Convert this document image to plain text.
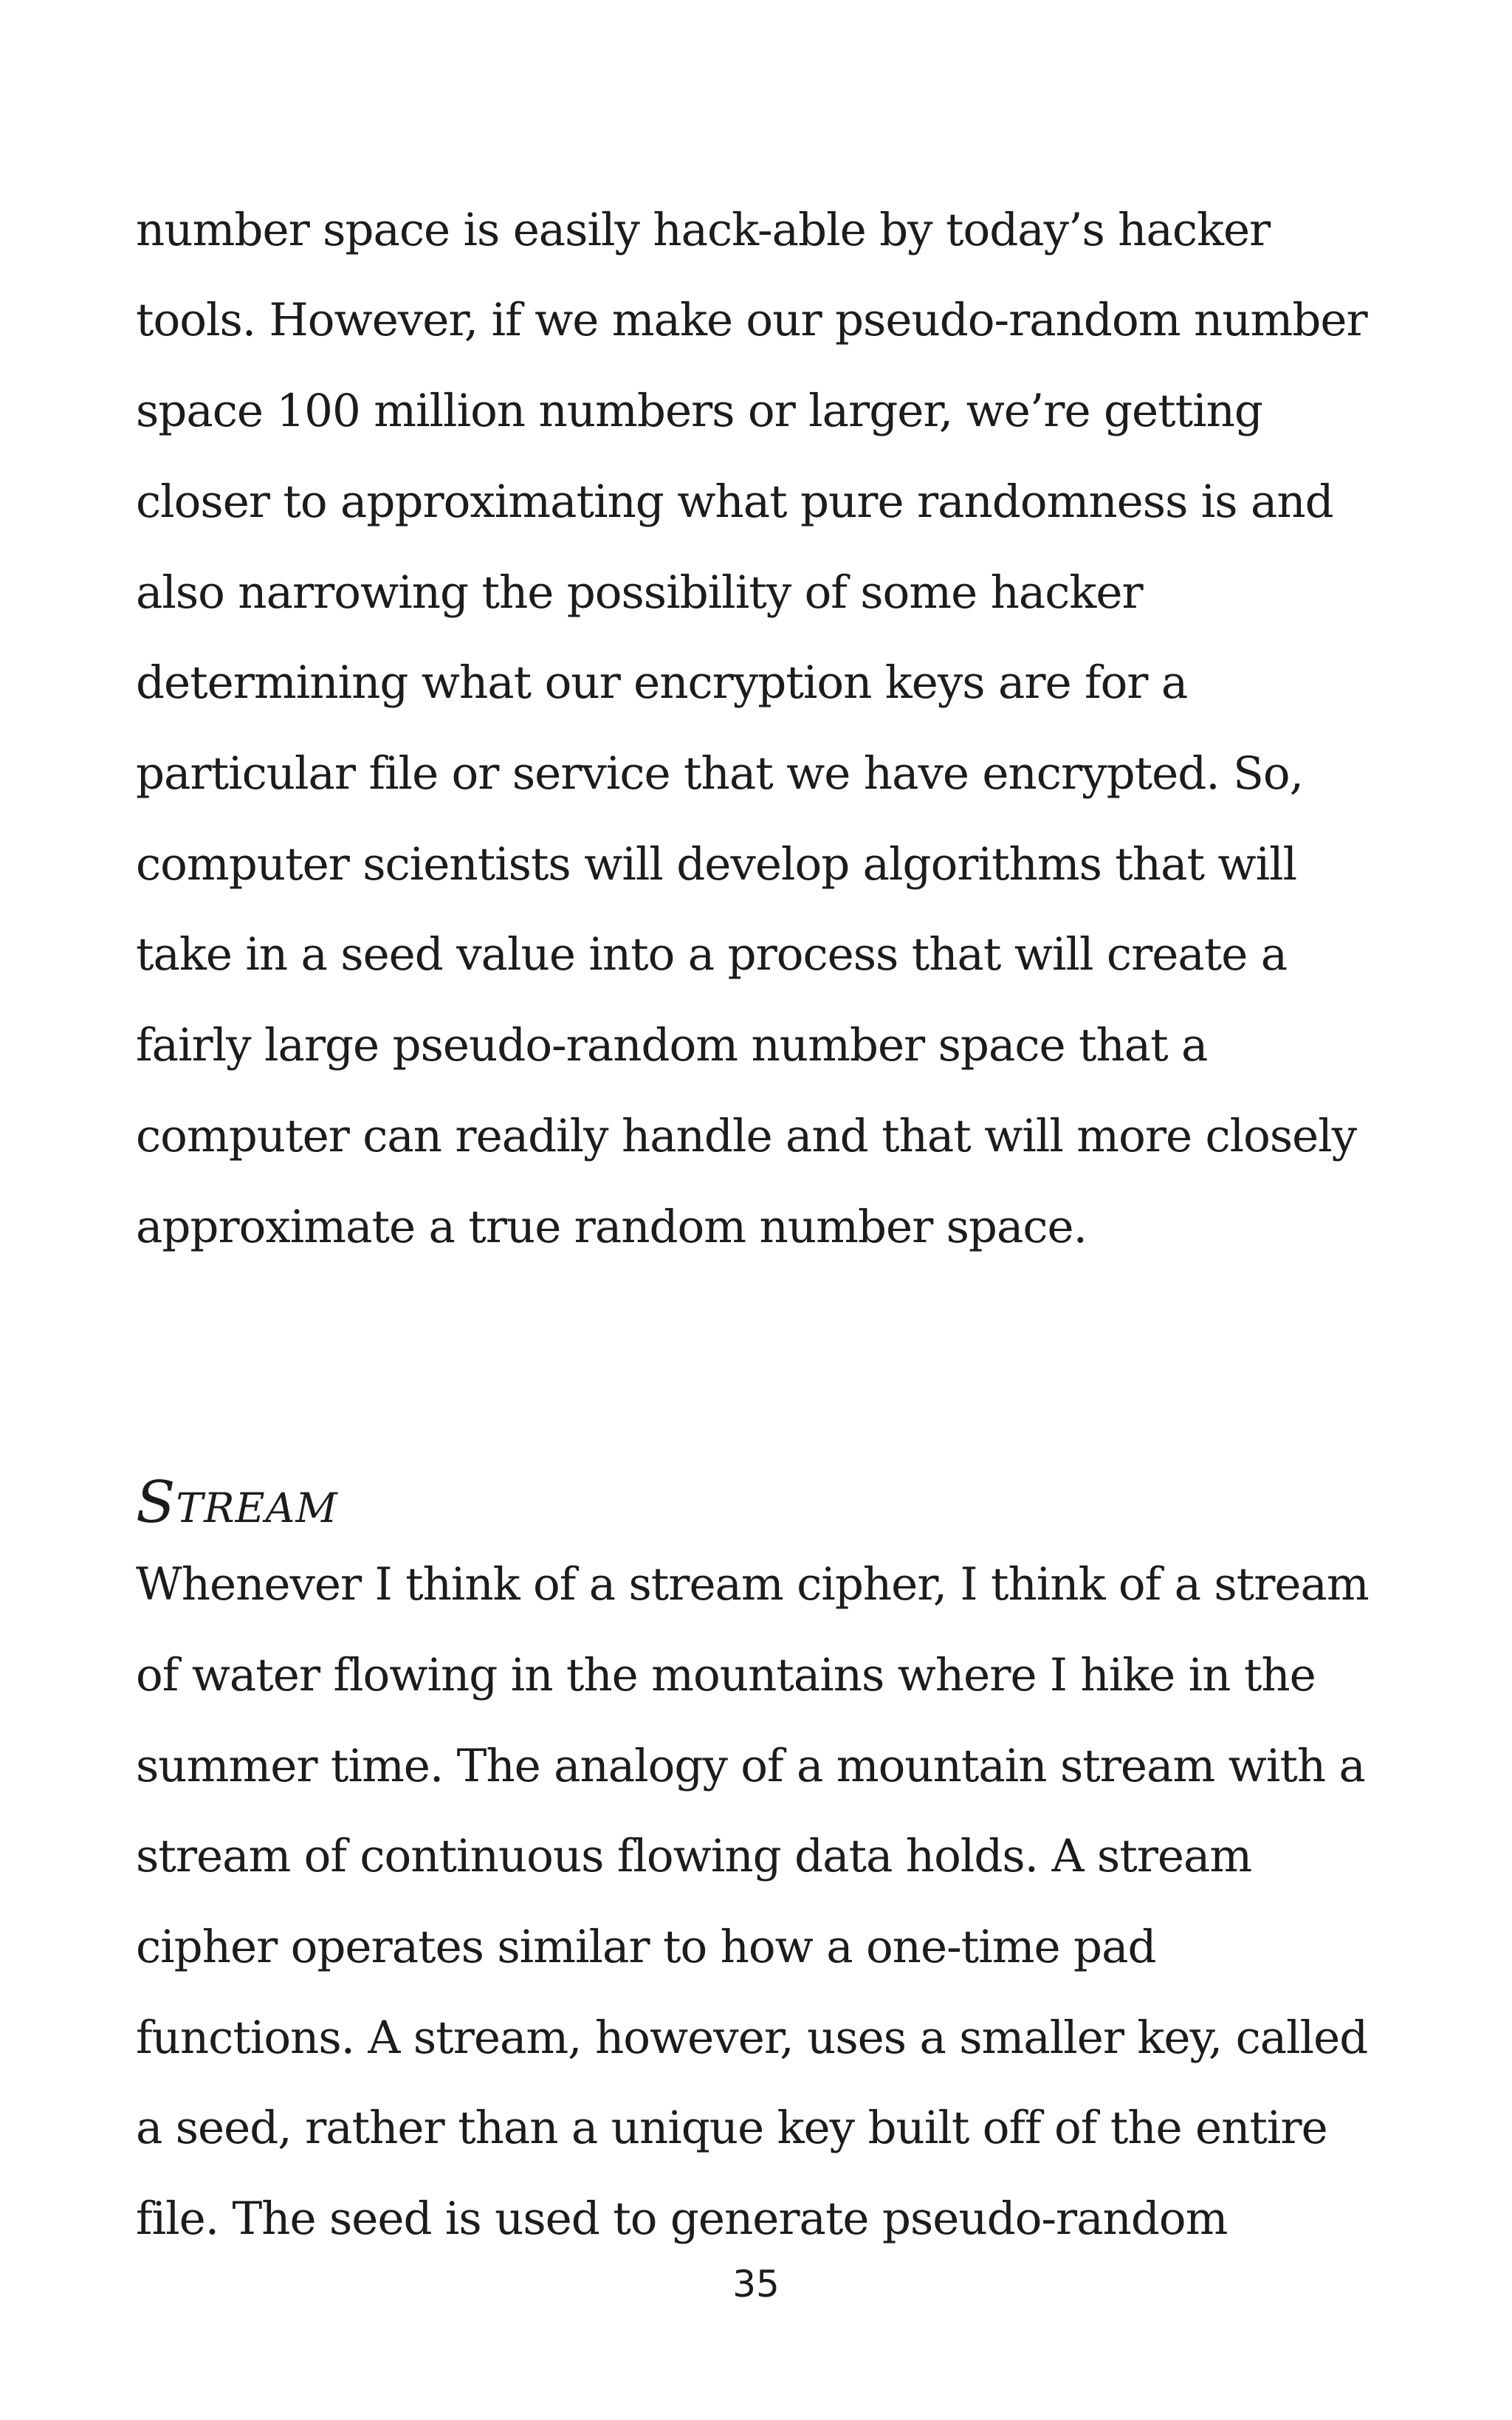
number space is easily hack-able by today’s hacker
tools. However, if we make our pseudo-random number
space 100 million numbers or larger, we’re getting
closer to approximating what pure randomness is and
also narrowing the possibility of some hacker
determining what our encryption keys are for a
particular file or service that we have encrypted. So,
computer scientists will develop algorithms that will
take in a seed value into a process that will create a
fairly large pseudo-random number space that a
computer can readily handle and that will more closely
approximate a true random number space.
Stream
Whenever I think of a stream cipher, I think of a stream
of water flowing in the mountains where I hike in the
summer time. The analogy of a mountain stream with a
stream of continuous flowing data holds. A stream
cipher operates similar to how a one-time pad
functions. A stream, however, uses a smaller key, called
a seed, rather than a unique key built off of the entire
file. The seed is used to generate pseudo-random
35
